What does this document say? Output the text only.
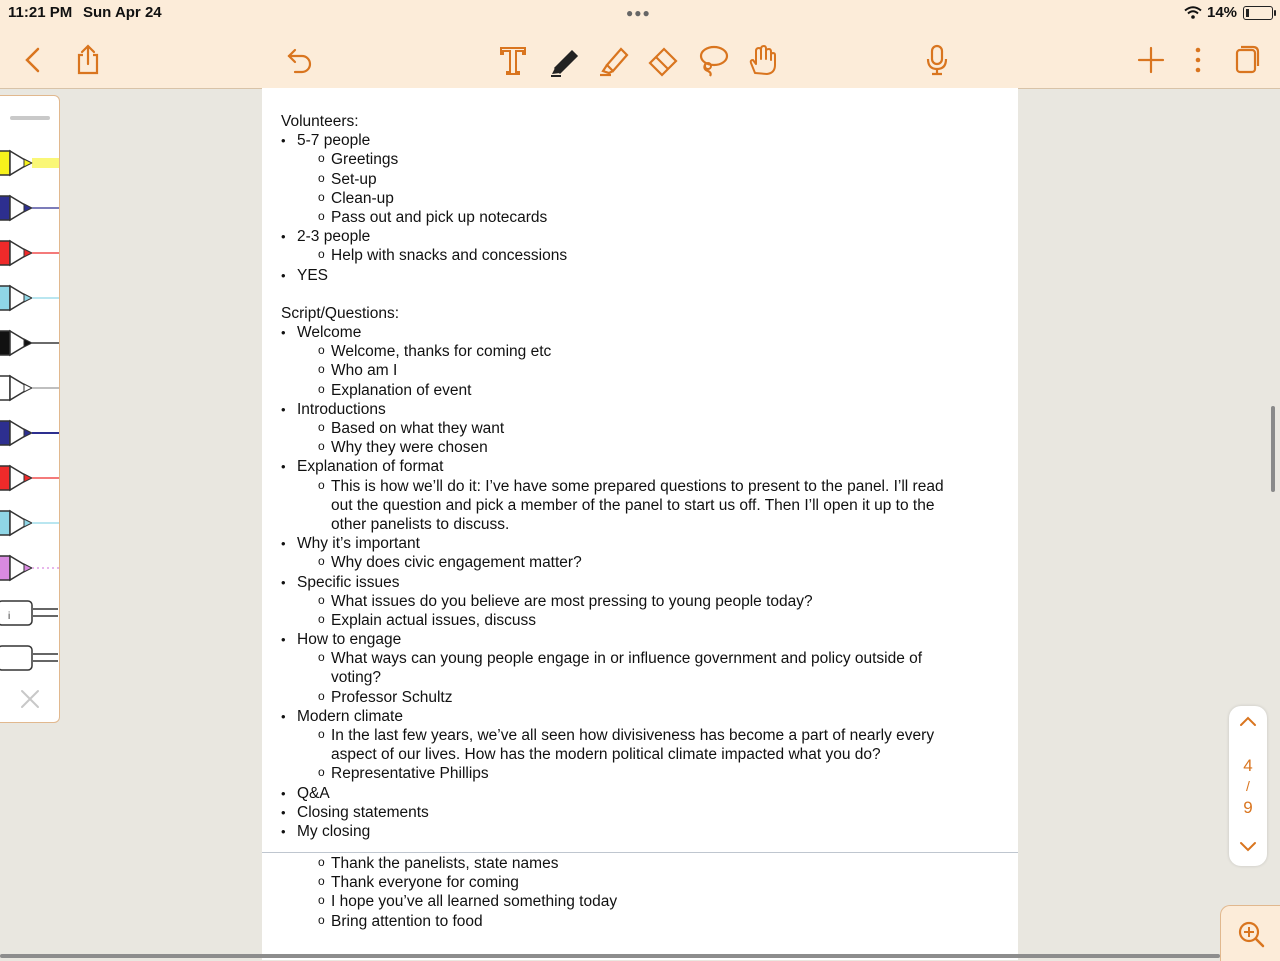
11:21 PM Sun Apr 24	●●●	14%
i
Volunteers:
• 5-7 people
o Greetings
o Set-up
o Clean-up
o Pass out and pick up notecards
• 2-3 people
o Help with snacks and concessions
• YES
Script/Questions:
• Welcome
o Welcome, thanks for coming etc
o Who am I
o Explanation of event
• Introductions
o Based on what they want
o Why they were chosen
• Explanation of format
o This is how we’ll do it: I’ve have some prepared questions to present to the panel. I’ll read
out the question and pick a member of the panel to start us off. Then I’ll open it up to the
other panelists to discuss.
• Why it’s important
o Why does civic engagement matter?
• Specific issues
o What issues do you believe are most pressing to young people today?
o Explain actual issues, discuss
• How to engage
o What ways can young people engage in or influence government and policy outside of
voting?
o Professor Schultz
• Modern climate
o In the last few years, we’ve all seen how divisiveness has become a part of nearly every
aspect of our lives. How has the modern political climate impacted what you do?
o Representative Phillips
• Q&A
• Closing statements
• My closing
o Thank the panelists, state names
o Thank everyone for coming
o I hope you’ve all learned something today
o Bring attention to food
4
/
9
